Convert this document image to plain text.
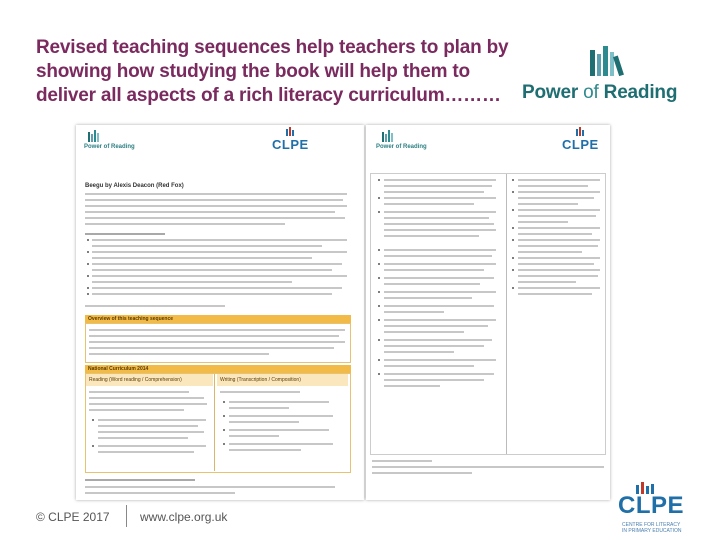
Revised teaching sequences help teachers to plan by
showing how studying the book will help them to
deliver all aspects of a rich literacy curriculum………	Power of Reading
Power of Reading	CLPE
Beegu by Alexis Deacon (Red Fox)
Overview of this teaching sequence
National Curriculum 2014
Reading (Word reading / Comprehension)	Writing (Transcription / Composition)
Power of Reading	CLPE
© CLPE 2017	www.clpe.org.uk	CLPE
CENTRE FOR LITERACY
IN PRIMARY EDUCATION
